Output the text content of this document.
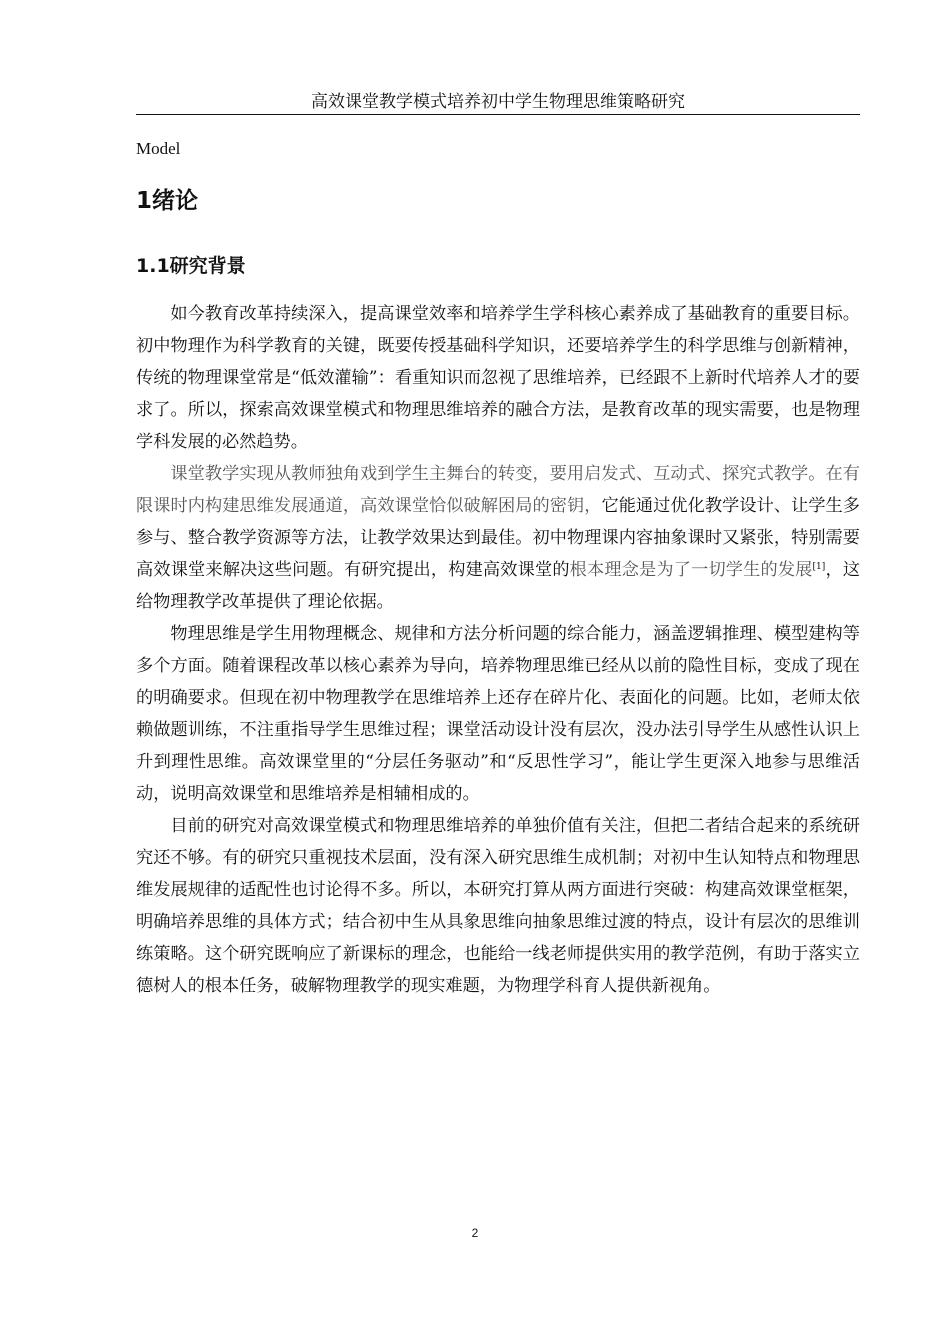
高效课堂教学模式培养初中学生物理思维策略研究
Model
1绪论
1.1研究背景

如今教育改革持续深入，提高课堂效率和培养学生学科核心素养成了基础教育的重要目标。初中物理作为科学教育的关键，既要传授基础科学知识，还要培养学生的科学思维与创新精神，传统的物理课堂常是“低效灌输”：看重知识而忽视了思维培养，已经跟不上新时代培养人才的要求了。所以，探索高效课堂模式和物理思维培养的融合方法，是教育改革的现实需要，也是物理学科发展的必然趋势。

课堂教学实现从教师独角戏到学生主舞台的转变，要用启发式、互动式、探究式教学。在有限课时内构建思维发展通道，高效课堂恰似破解困局的密钥，它能通过优化教学设计、让学生多参与、整合教学资源等方法，让教学效果达到最佳。初中物理课内容抽象课时又紧张，特别需要高效课堂来解决这些问题。有研究提出，构建高效课堂的根本理念是为了一切学生的发展[1]，这给物理教学改革提供了理论依据。

物理思维是学生用物理概念、规律和方法分析问题的综合能力，涵盖逻辑推理、模型建构等多个方面。随着课程改革以核心素养为导向，培养物理思维已经从以前的隐性目标，变成了现在的明确要求。但现在初中物理教学在思维培养上还存在碎片化、表面化的问题。比如，老师太依赖做题训练，不注重指导学生思维过程；课堂活动设计没有层次，没办法引导学生从感性认识上升到理性思维。高效课堂里的“分层任务驱动”和“反思性学习”，能让学生更深入地参与思维活动，说明高效课堂和思维培养是相辅相成的。

目前的研究对高效课堂模式和物理思维培养的单独价值有关注，但把二者结合起来的系统研究还不够。有的研究只重视技术层面，没有深入研究思维生成机制；对初中生认知特点和物理思维发展规律的适配性也讨论得不多。所以，本研究打算从两方面进行突破：构建高效课堂框架，明确培养思维的具体方式；结合初中生从具象思维向抽象思维过渡的特点，设计有层次的思维训练策略。这个研究既响应了新课标的理念，也能给一线老师提供实用的教学范例，有助于落实立德树人的根本任务，破解物理教学的现实难题，为物理学科育人提供新视角。

2
